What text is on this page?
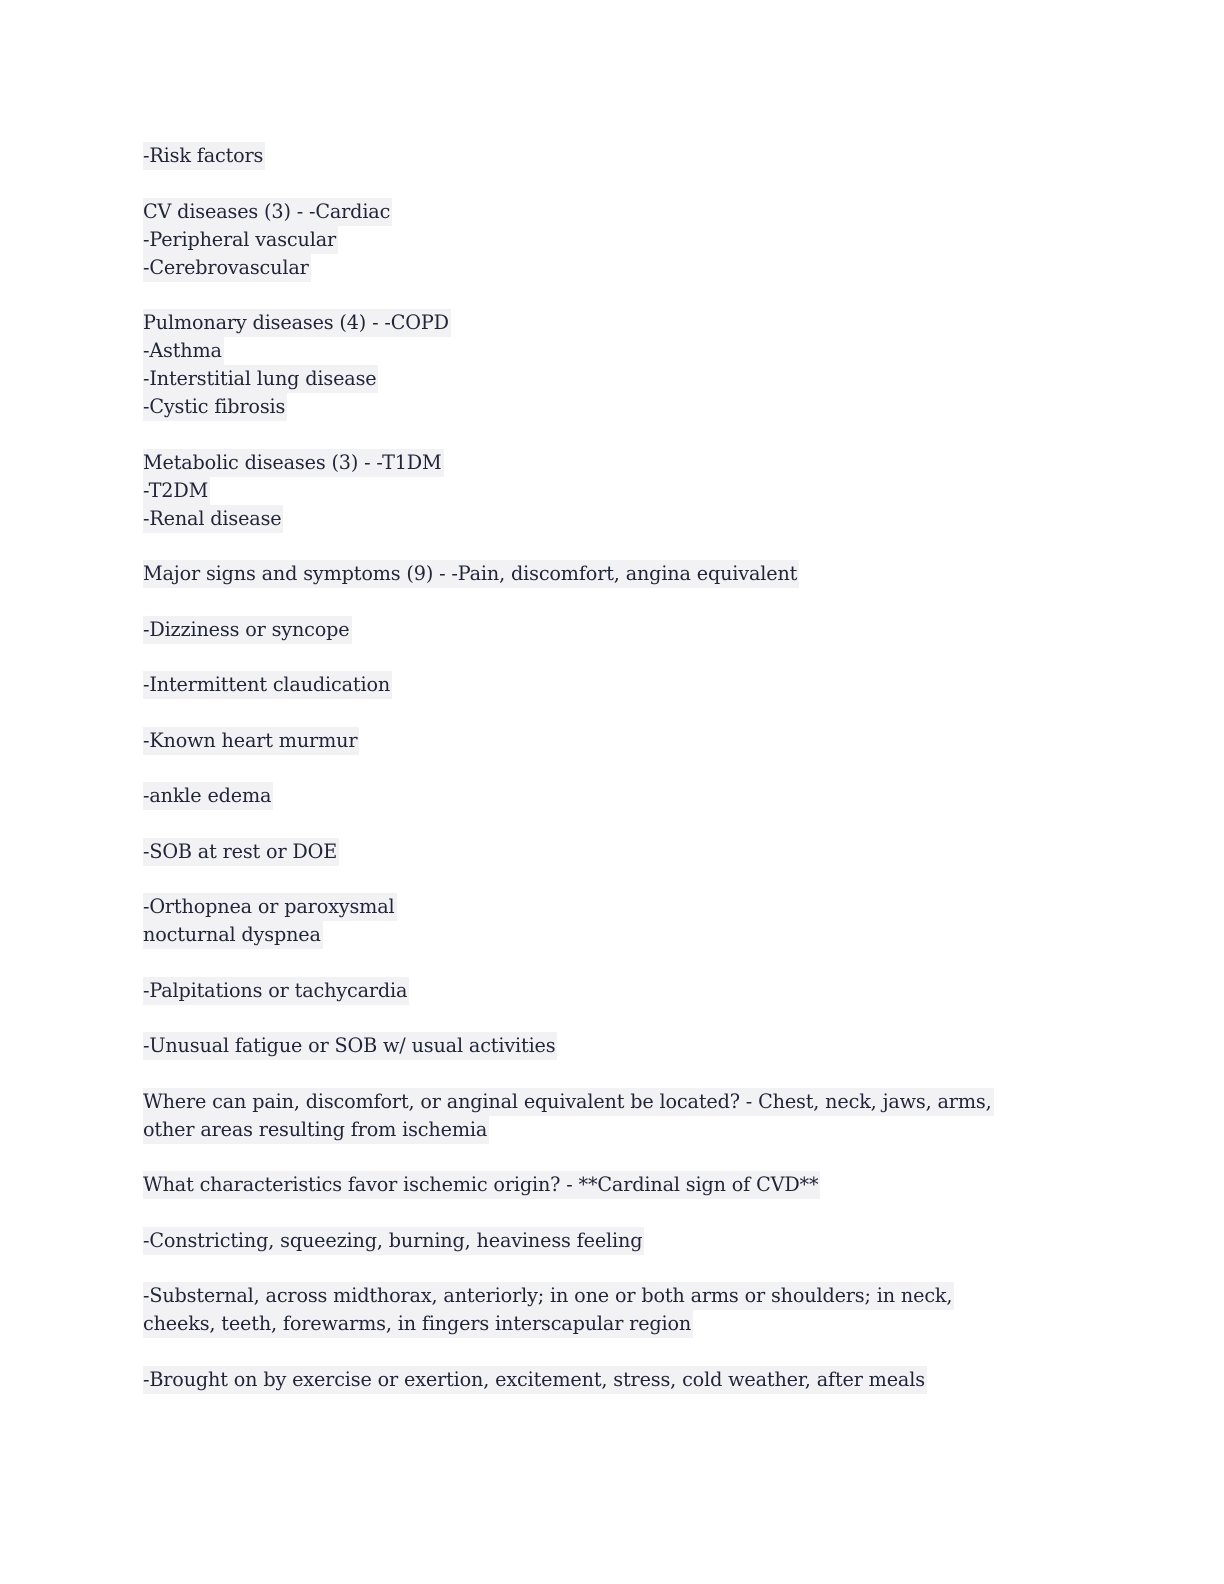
-Risk factors
CV diseases (3) - -Cardiac
-Peripheral vascular
-Cerebrovascular
Pulmonary diseases (4) - -COPD
-Asthma
-Interstitial lung disease
-Cystic fibrosis
Metabolic diseases (3) - -T1DM
-T2DM
-Renal disease
Major signs and symptoms (9) - -Pain, discomfort, angina equivalent
-Dizziness or syncope
-Intermittent claudication
-Known heart murmur
-ankle edema
-SOB at rest or DOE
-Orthopnea or paroxysmal
nocturnal dyspnea
-Palpitations or tachycardia
-Unusual fatigue or SOB w/ usual activities
Where can pain, discomfort, or anginal equivalent be located? - Chest, neck, jaws, arms,
other areas resulting from ischemia
What characteristics favor ischemic origin? - **Cardinal sign of CVD**
-Constricting, squeezing, burning, heaviness feeling
-Substernal, across midthorax, anteriorly; in one or both arms or shoulders; in neck,
cheeks, teeth, forewarms, in fingers interscapular region
-Brought on by exercise or exertion, excitement, stress, cold weather, after meals
